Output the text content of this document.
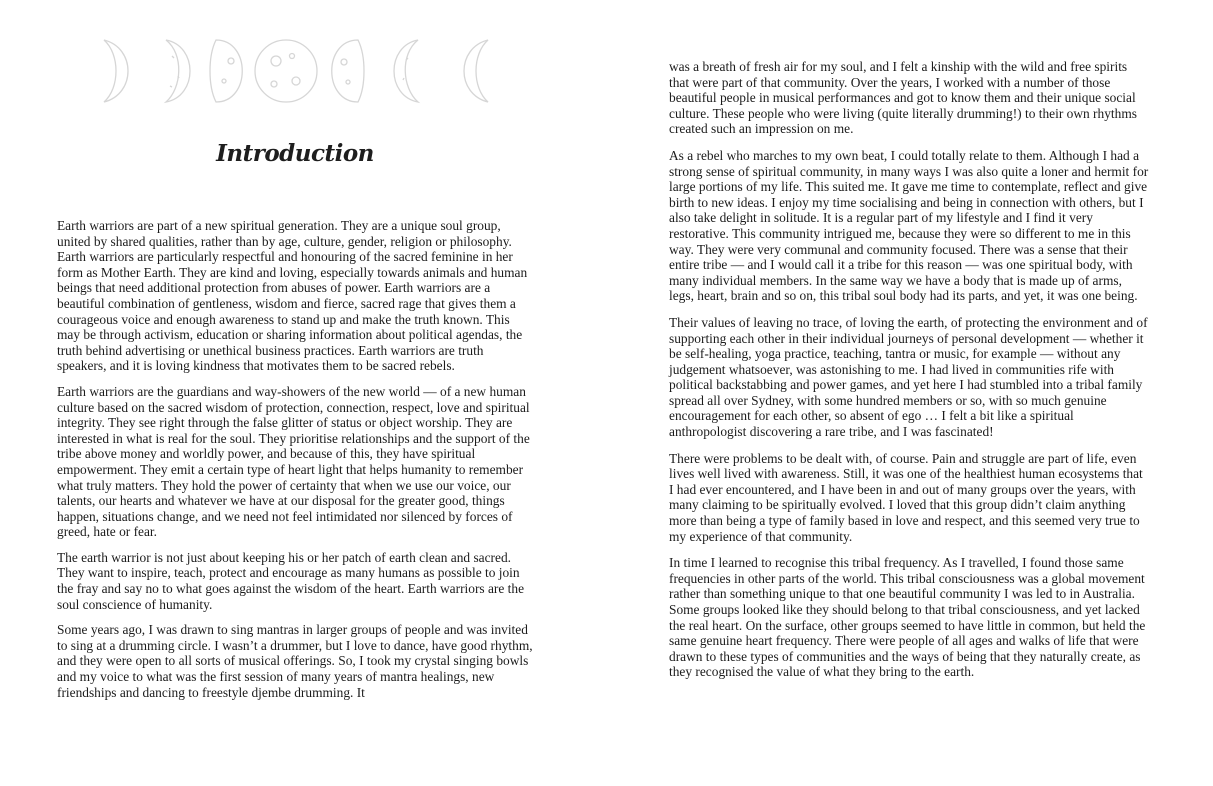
Introduction

Earth warriors are part of a new spiritual generation. They are a unique soul group, united by shared qualities, rather than by age, culture, gender, religion or philosophy. Earth warriors are particularly respectful and honouring of the sacred feminine in her form as Mother Earth. They are kind and loving, especially towards animals and human beings that need additional protection from abuses of power. Earth warriors are a beautiful combination of gentleness, wisdom and fierce, sacred rage that gives them a courageous voice and enough awareness to stand up and make the truth known. This may be through activism, education or sharing information about political agendas, the truth behind advertising or unethical business practices. Earth warriors are truth speakers, and it is loving kindness that motivates them to be sacred rebels.

Earth warriors are the guardians and way-showers of the new world — of a new human culture based on the sacred wisdom of protection, connection, respect, love and spiritual integrity. They see right through the false glitter of status or object worship. They are interested in what is real for the soul. They prioritise relationships and the support of the tribe above money and worldly power, and because of this, they have spiritual empowerment. They emit a certain type of heart light that helps humanity to remember what truly matters. They hold the power of certainty that when we use our voice, our talents, our hearts and whatever we have at our disposal for the greater good, things happen, situations change, and we need not feel intimidated nor silenced by forces of greed, hate or fear.

The earth warrior is not just about keeping his or her patch of earth clean and sacred. They want to inspire, teach, protect and encourage as many humans as possible to join the fray and say no to what goes against the wisdom of the heart. Earth warriors are the soul conscience of humanity.

Some years ago, I was drawn to sing mantras in larger groups of people and was invited to sing at a drumming circle. I wasn’t a drummer, but I love to dance, have good rhythm, and they were open to all sorts of musical offerings. So, I took my crystal singing bowls and my voice to what was the first session of many years of mantra healings, new friendships and dancing to freestyle djembe drumming. It

was a breath of fresh air for my soul, and I felt a kinship with the wild and free spirits that were part of that community. Over the years, I worked with a number of those beautiful people in musical performances and got to know them and their unique social culture. These people who were living (quite literally drumming!) to their own rhythms created such an impression on me.

As a rebel who marches to my own beat, I could totally relate to them. Although I had a strong sense of spiritual community, in many ways I was also quite a loner and hermit for large portions of my life. This suited me. It gave me time to contemplate, reflect and give birth to new ideas. I enjoy my time socialising and being in connection with others, but I also take delight in solitude. It is a regular part of my lifestyle and I find it very restorative. This community intrigued me, because they were so different to me in this way. They were very communal and community focused. There was a sense that their entire tribe — and I would call it a tribe for this reason — was one spiritual body, with many individual members. In the same way we have a body that is made up of arms, legs, heart, brain and so on, this tribal soul body had its parts, and yet, it was one being.

Their values of leaving no trace, of loving the earth, of protecting the environment and of supporting each other in their individual journeys of personal development — whether it be self-healing, yoga practice, teaching, tantra or music, for example — without any judgement whatsoever, was astonishing to me. I had lived in communities rife with political backstabbing and power games, and yet here I had stumbled into a tribal family spread all over Sydney, with some hundred members or so, with so much genuine encouragement for each other, so absent of ego … I felt a bit like a spiritual anthropologist discovering a rare tribe, and I was fascinated!

There were problems to be dealt with, of course. Pain and struggle are part of life, even lives well lived with awareness. Still, it was one of the healthiest human ecosystems that I had ever encountered, and I have been in and out of many groups over the years, with many claiming to be spiritually evolved. I loved that this group didn’t claim anything more than being a type of family based in love and respect, and this seemed very true to my experience of that community.

In time I learned to recognise this tribal frequency. As I travelled, I found those same frequencies in other parts of the world. This tribal consciousness was a global movement rather than something unique to that one beautiful community I was led to in Australia. Some groups looked like they should belong to that tribal consciousness, and yet lacked the real heart. On the surface, other groups seemed to have little in common, but held the same genuine heart frequency. There were people of all ages and walks of life that were drawn to these types of communities and the ways of being that they naturally create, as they recognised the value of what they bring to the earth.
